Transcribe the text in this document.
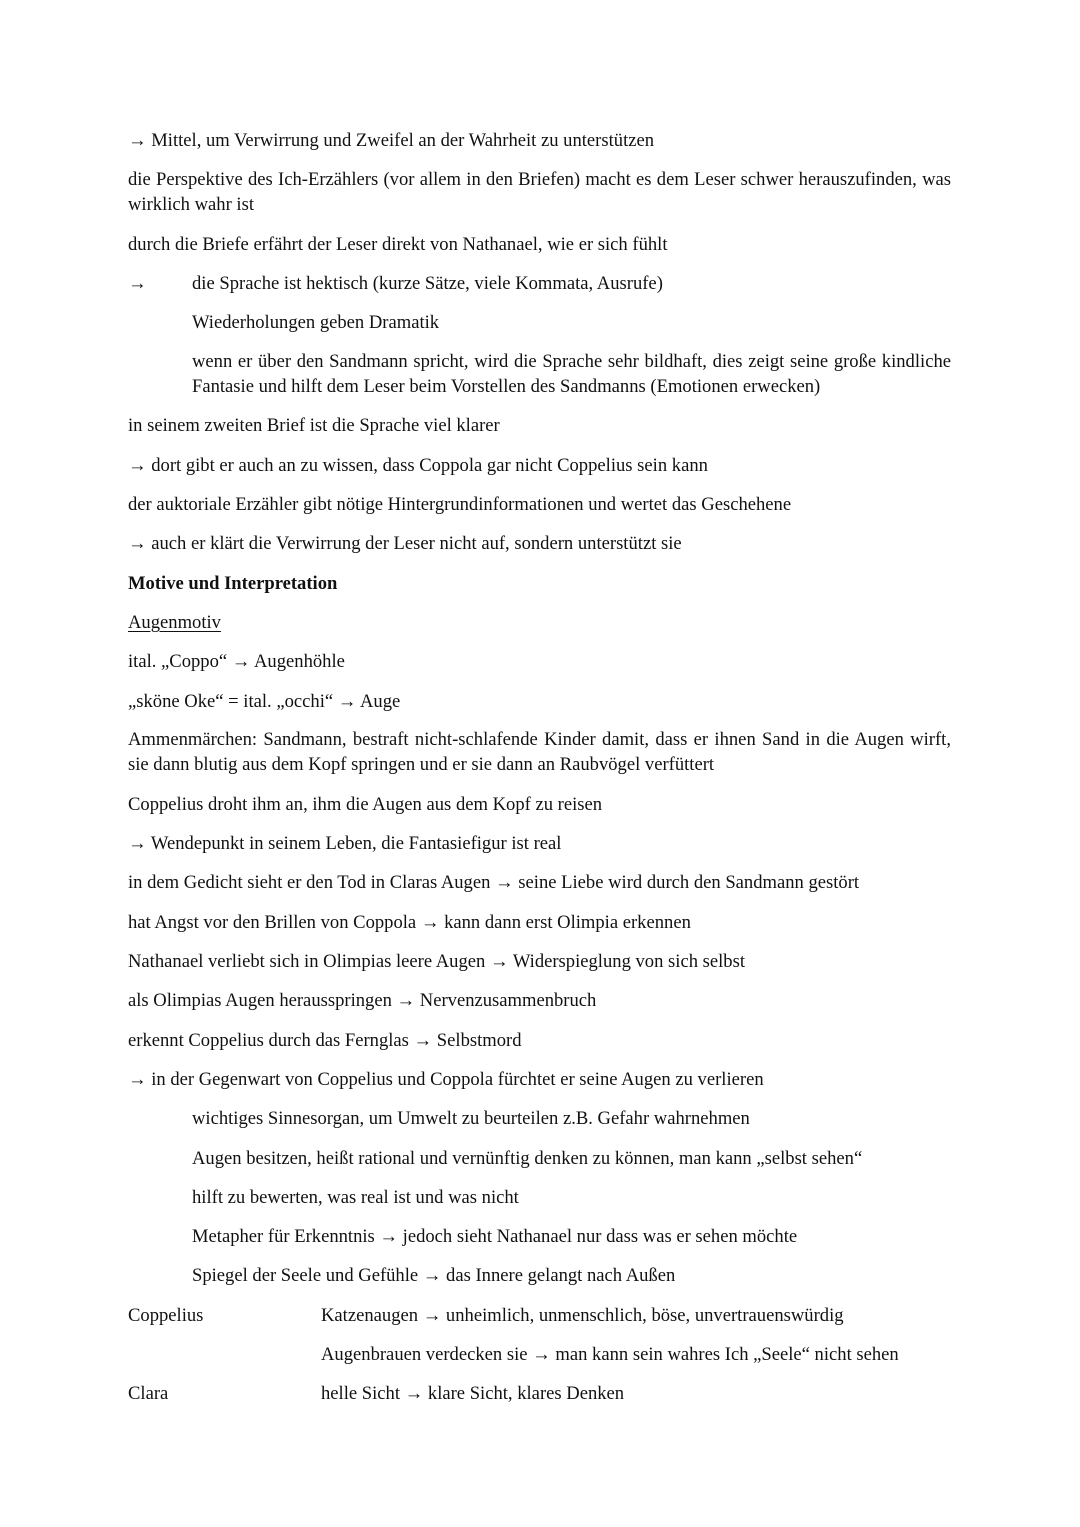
→ Mittel, um Verwirrung und Zweifel an der Wahrheit zu unterstützen
die Perspektive des Ich-Erzählers (vor allem in den Briefen) macht es dem Leser schwer herauszufinden, was wirklich wahr ist
durch die Briefe erfährt der Leser direkt von Nathanael, wie er sich fühlt
→ die Sprache ist hektisch (kurze Sätze, viele Kommata, Ausrufe)
Wiederholungen geben Dramatik
wenn er über den Sandmann spricht, wird die Sprache sehr bildhaft, dies zeigt seine große kindliche Fantasie und hilft dem Leser beim Vorstellen des Sandmanns (Emotionen erwecken)
in seinem zweiten Brief ist die Sprache viel klarer
→ dort gibt er auch an zu wissen, dass Coppola gar nicht Coppelius sein kann
der auktoriale Erzähler gibt nötige Hintergrundinformationen und wertet das Geschehene
→ auch er klärt die Verwirrung der Leser nicht auf, sondern unterstützt sie
Motive und Interpretation
Augenmotiv
ital. „Coppo“ → Augenhöhle
„sköne Oke“ = ital. „occhi“ → Auge
Ammenmärchen: Sandmann, bestraft nicht-schlafende Kinder damit, dass er ihnen Sand in die Augen wirft, sie dann blutig aus dem Kopf springen und er sie dann an Raubvögel verfüttert
Coppelius droht ihm an, ihm die Augen aus dem Kopf zu reisen
→ Wendepunkt in seinem Leben, die Fantasiefigur ist real
in dem Gedicht sieht er den Tod in Claras Augen → seine Liebe wird durch den Sandmann gestört
hat Angst vor den Brillen von Coppola → kann dann erst Olimpia erkennen
Nathanael verliebt sich in Olimpias leere Augen → Widerspieglung von sich selbst
als Olimpias Augen herausspringen → Nervenzusammenbruch
erkennt Coppelius durch das Fernglas → Selbstmord
→ in der Gegenwart von Coppelius und Coppola fürchtet er seine Augen zu verlieren
wichtiges Sinnesorgan, um Umwelt zu beurteilen z.B. Gefahr wahrnehmen
Augen besitzen, heißt rational und vernünftig denken zu können, man kann „selbst sehen“
hilft zu bewerten, was real ist und was nicht
Metapher für Erkenntnis → jedoch sieht Nathanael nur dass was er sehen möchte
Spiegel der Seele und Gefühle → das Innere gelangt nach Außen
Coppelius	Katzenaugen → unheimlich, unmenschlich, böse, unvertrauenswürdig
Augenbrauen verdecken sie → man kann sein wahres Ich „Seele“ nicht sehen
Clara	helle Sicht → klare Sicht, klares Denken
